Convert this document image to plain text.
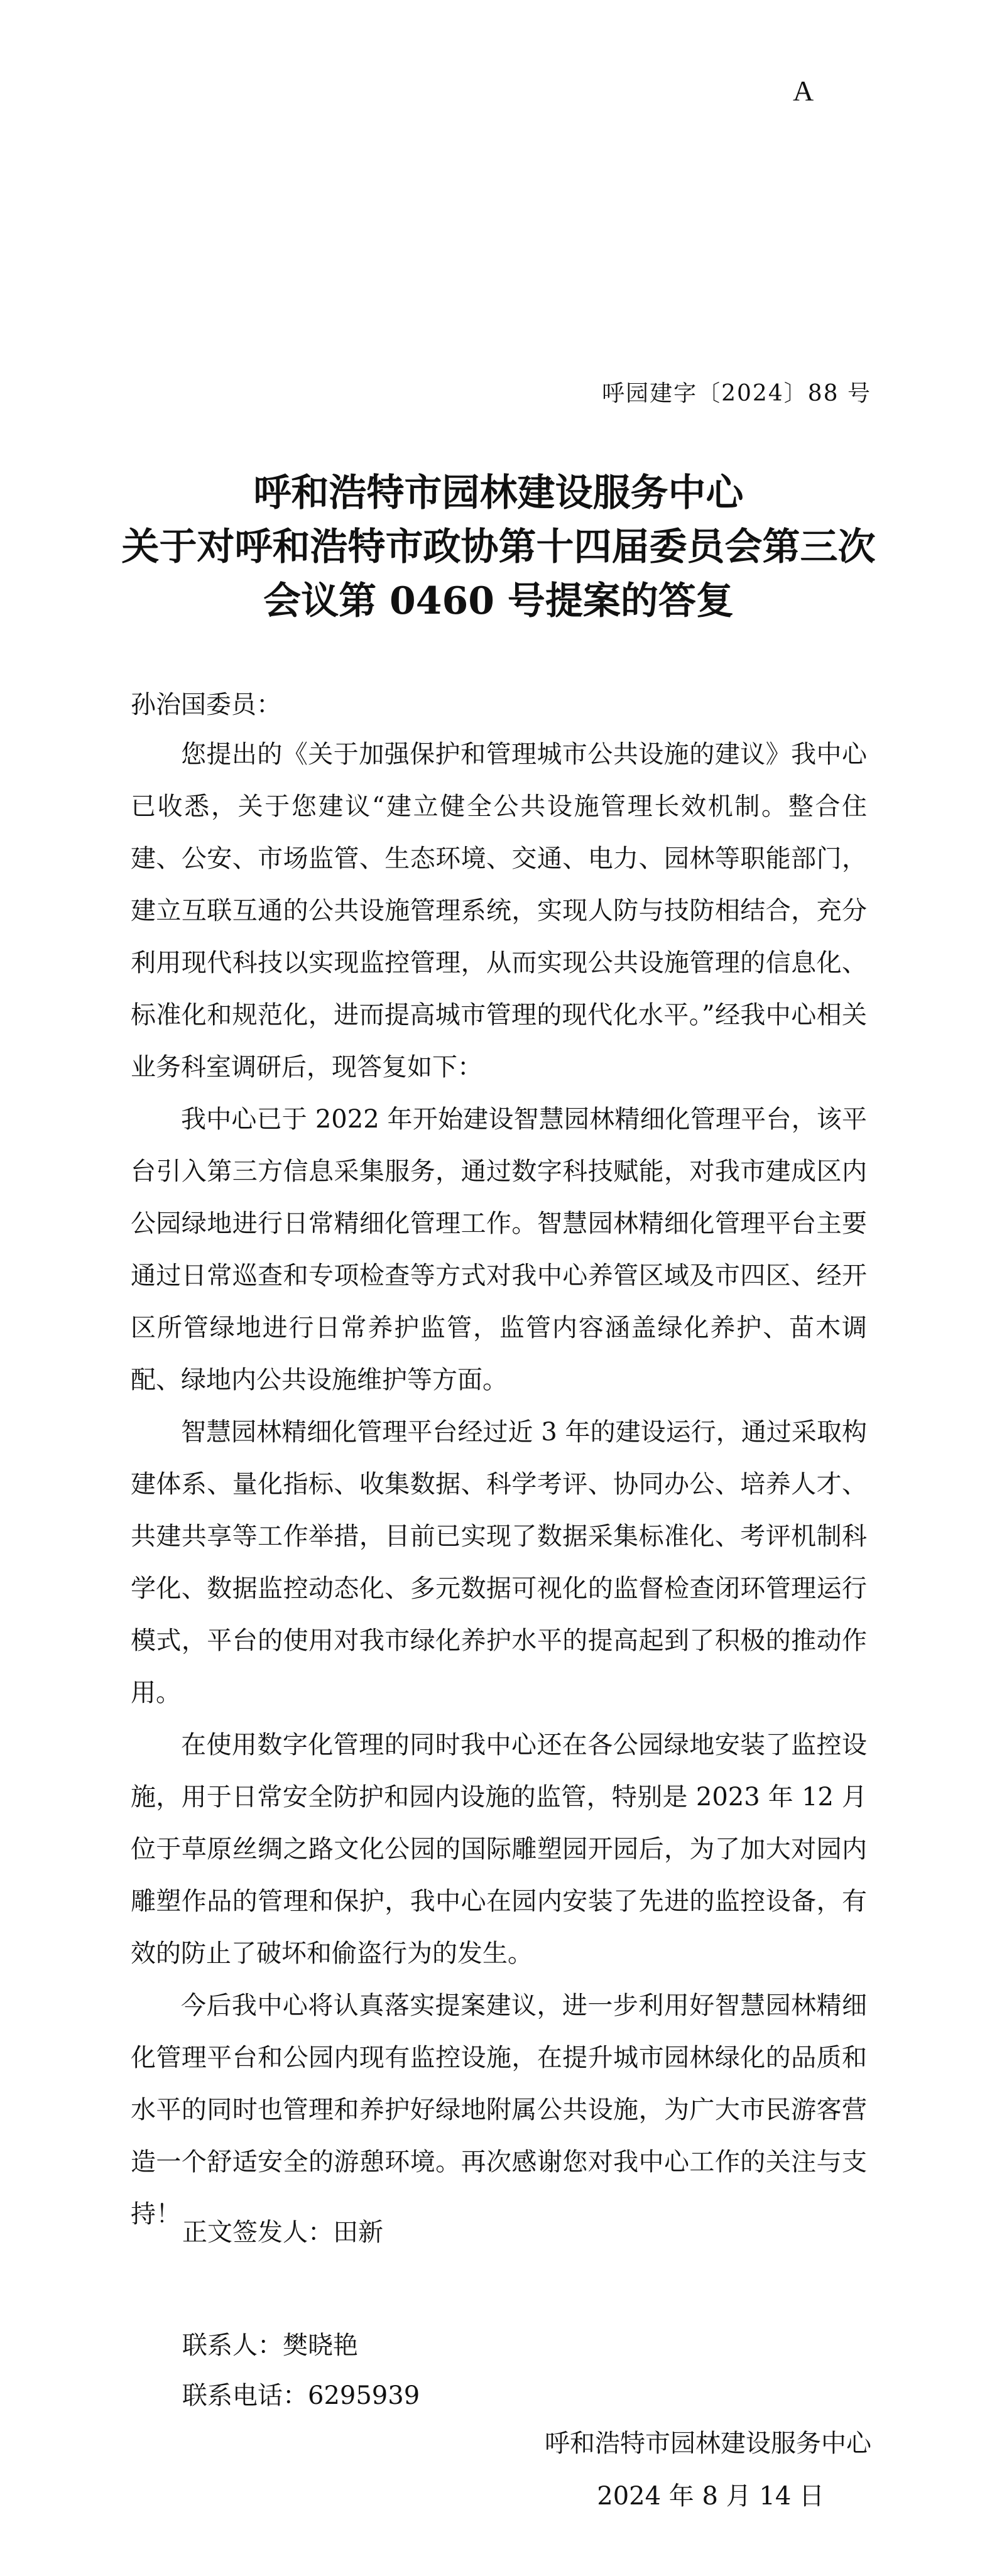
A
呼园建字〔2024〕88 号
呼和浩特市园林建设服务中心
关于对呼和浩特市政协第十四届委员会第三次
会议第 0460 号提案的答复
孙治国委员：

您提出的《关于加强保护和管理城市公共设施的建议》我中心已收悉，关于您建议“建立健全公共设施管理长效机制。整合住建、公安、市场监管、生态环境、交通、电力、园林等职能部门，建立互联互通的公共设施管理系统，实现人防与技防相结合，充分利用现代科技以实现监控管理，从而实现公共设施管理的信息化、标准化和规范化，进而提高城市管理的现代化水平。”经我中心相关业务科室调研后，现答复如下：

我中心已于 2022 年开始建设智慧园林精细化管理平台，该平台引入第三方信息采集服务，通过数字科技赋能，对我市建成区内公园绿地进行日常精细化管理工作。智慧园林精细化管理平台主要通过日常巡查和专项检查等方式对我中心养管区域及市四区、经开区所管绿地进行日常养护监管，监管内容涵盖绿化养护、苗木调配、绿地内公共设施维护等方面。

智慧园林精细化管理平台经过近 3 年的建设运行，通过采取构建体系、量化指标、收集数据、科学考评、协同办公、培养人才、共建共享等工作举措，目前已实现了数据采集标准化、考评机制科学化、数据监控动态化、多元数据可视化的监督检查闭环管理运行模式，平台的使用对我市绿化养护水平的提高起到了积极的推动作用。

在使用数字化管理的同时我中心还在各公园绿地安装了监控设施，用于日常安全防护和园内设施的监管，特别是 2023 年 12 月位于草原丝绸之路文化公园的国际雕塑园开园后，为了加大对园内雕塑作品的管理和保护，我中心在园内安装了先进的监控设备，有效的防止了破坏和偷盗行为的发生。

今后我中心将认真落实提案建议，进一步利用好智慧园林精细化管理平台和公园内现有监控设施，在提升城市园林绿化的品质和水平的同时也管理和养护好绿地附属公共设施，为广大市民游客营造一个舒适安全的游憩环境。再次感谢您对我中心工作的关注与支持！

正文签发人：田新
联系人：樊晓艳
联系电话：6295939
呼和浩特市园林建设服务中心
2024 年 8 月 14 日
